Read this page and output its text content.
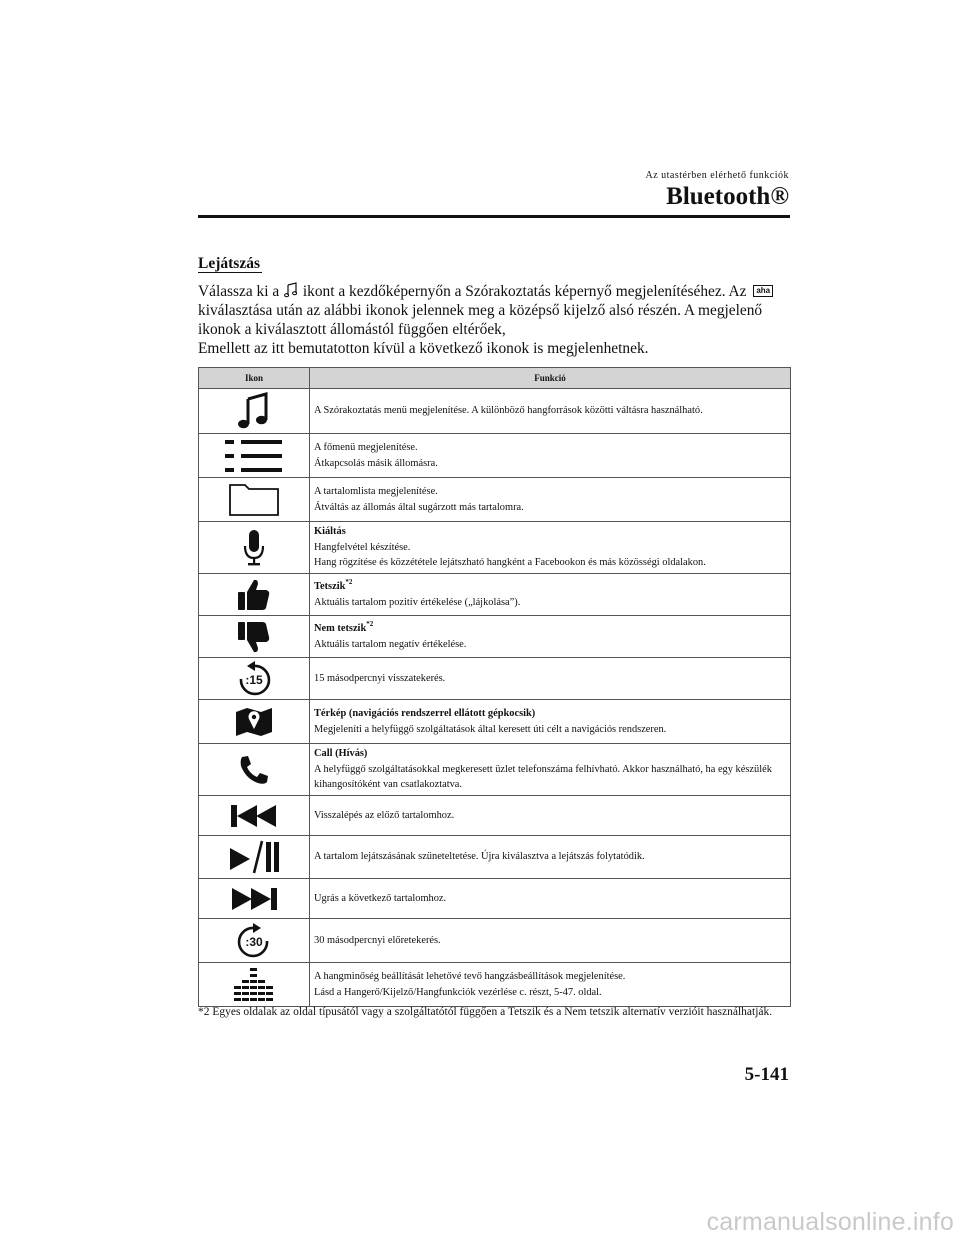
Az utastérben elérhető funkciók
Bluetooth®
Lejátszás
Válassza ki a  ikont a kezdőképernyőn a Szórakoztatás képernyő megjelenítéséhez. Az aha
kiválasztása után az alábbi ikonok jelennek meg a középső kijelző alsó részén. A megjelenő
ikonok a kiválasztott állomástól függően eltérőek,
Emellett az itt bemutatotton kívül a következő ikonok is megjelenhetnek.
Ikon	Funkció

A Szórakoztatás menü megjelenítése. A különböző hangforrások közötti váltásra használható.

A főmenü megjelenítése.
Átkapcsolás másik állomásra.

A tartalomlista megjelenítése.
Átváltás az állomás által sugárzott más tartalomra.

Kiáltás
Hangfelvétel készítése.
Hang rögzítése és közzététele lejátszható hangként a Facebookon és más közösségi oldalakon.

Tetszik$^{*2}$
Aktuális tartalom pozitív értékelése („lájkolása”).

Nem tetszik$^{*2}$
Aktuális tartalom negatív értékelése.

:15	15 másodpercnyi visszatekerés.

Térkép (navigációs rendszerrel ellátott gépkocsik)
Megjeleníti a helyfüggő szolgáltatások által keresett úti célt a navigációs rendszeren.

Call (Hívás)
A helyfüggő szolgáltatásokkal megkeresett üzlet telefonszáma felhívható. Akkor használható, ha egy készülék kihangosítóként van csatlakoztatva.

Visszalépés az előző tartalomhoz.

A tartalom lejátszásának szüneteltetése. Újra kiválasztva a lejátszás folytatódik.

Ugrás a következő tartalomhoz.

:30	30 másodpercnyi előretekerés.

A hangminőség beállítását lehetővé tevő hangzásbeállítások megjelenítése.
Lásd a Hangerő/Kijelző/Hangfunkciók vezérlése c. részt, 5-47. oldal.
*2 Egyes oldalak az oldal típusától vagy a szolgáltatótól függően a Tetszik és a Nem tetszik alternatív verzióit használhatják.
5-141
carmanualsonline.info
